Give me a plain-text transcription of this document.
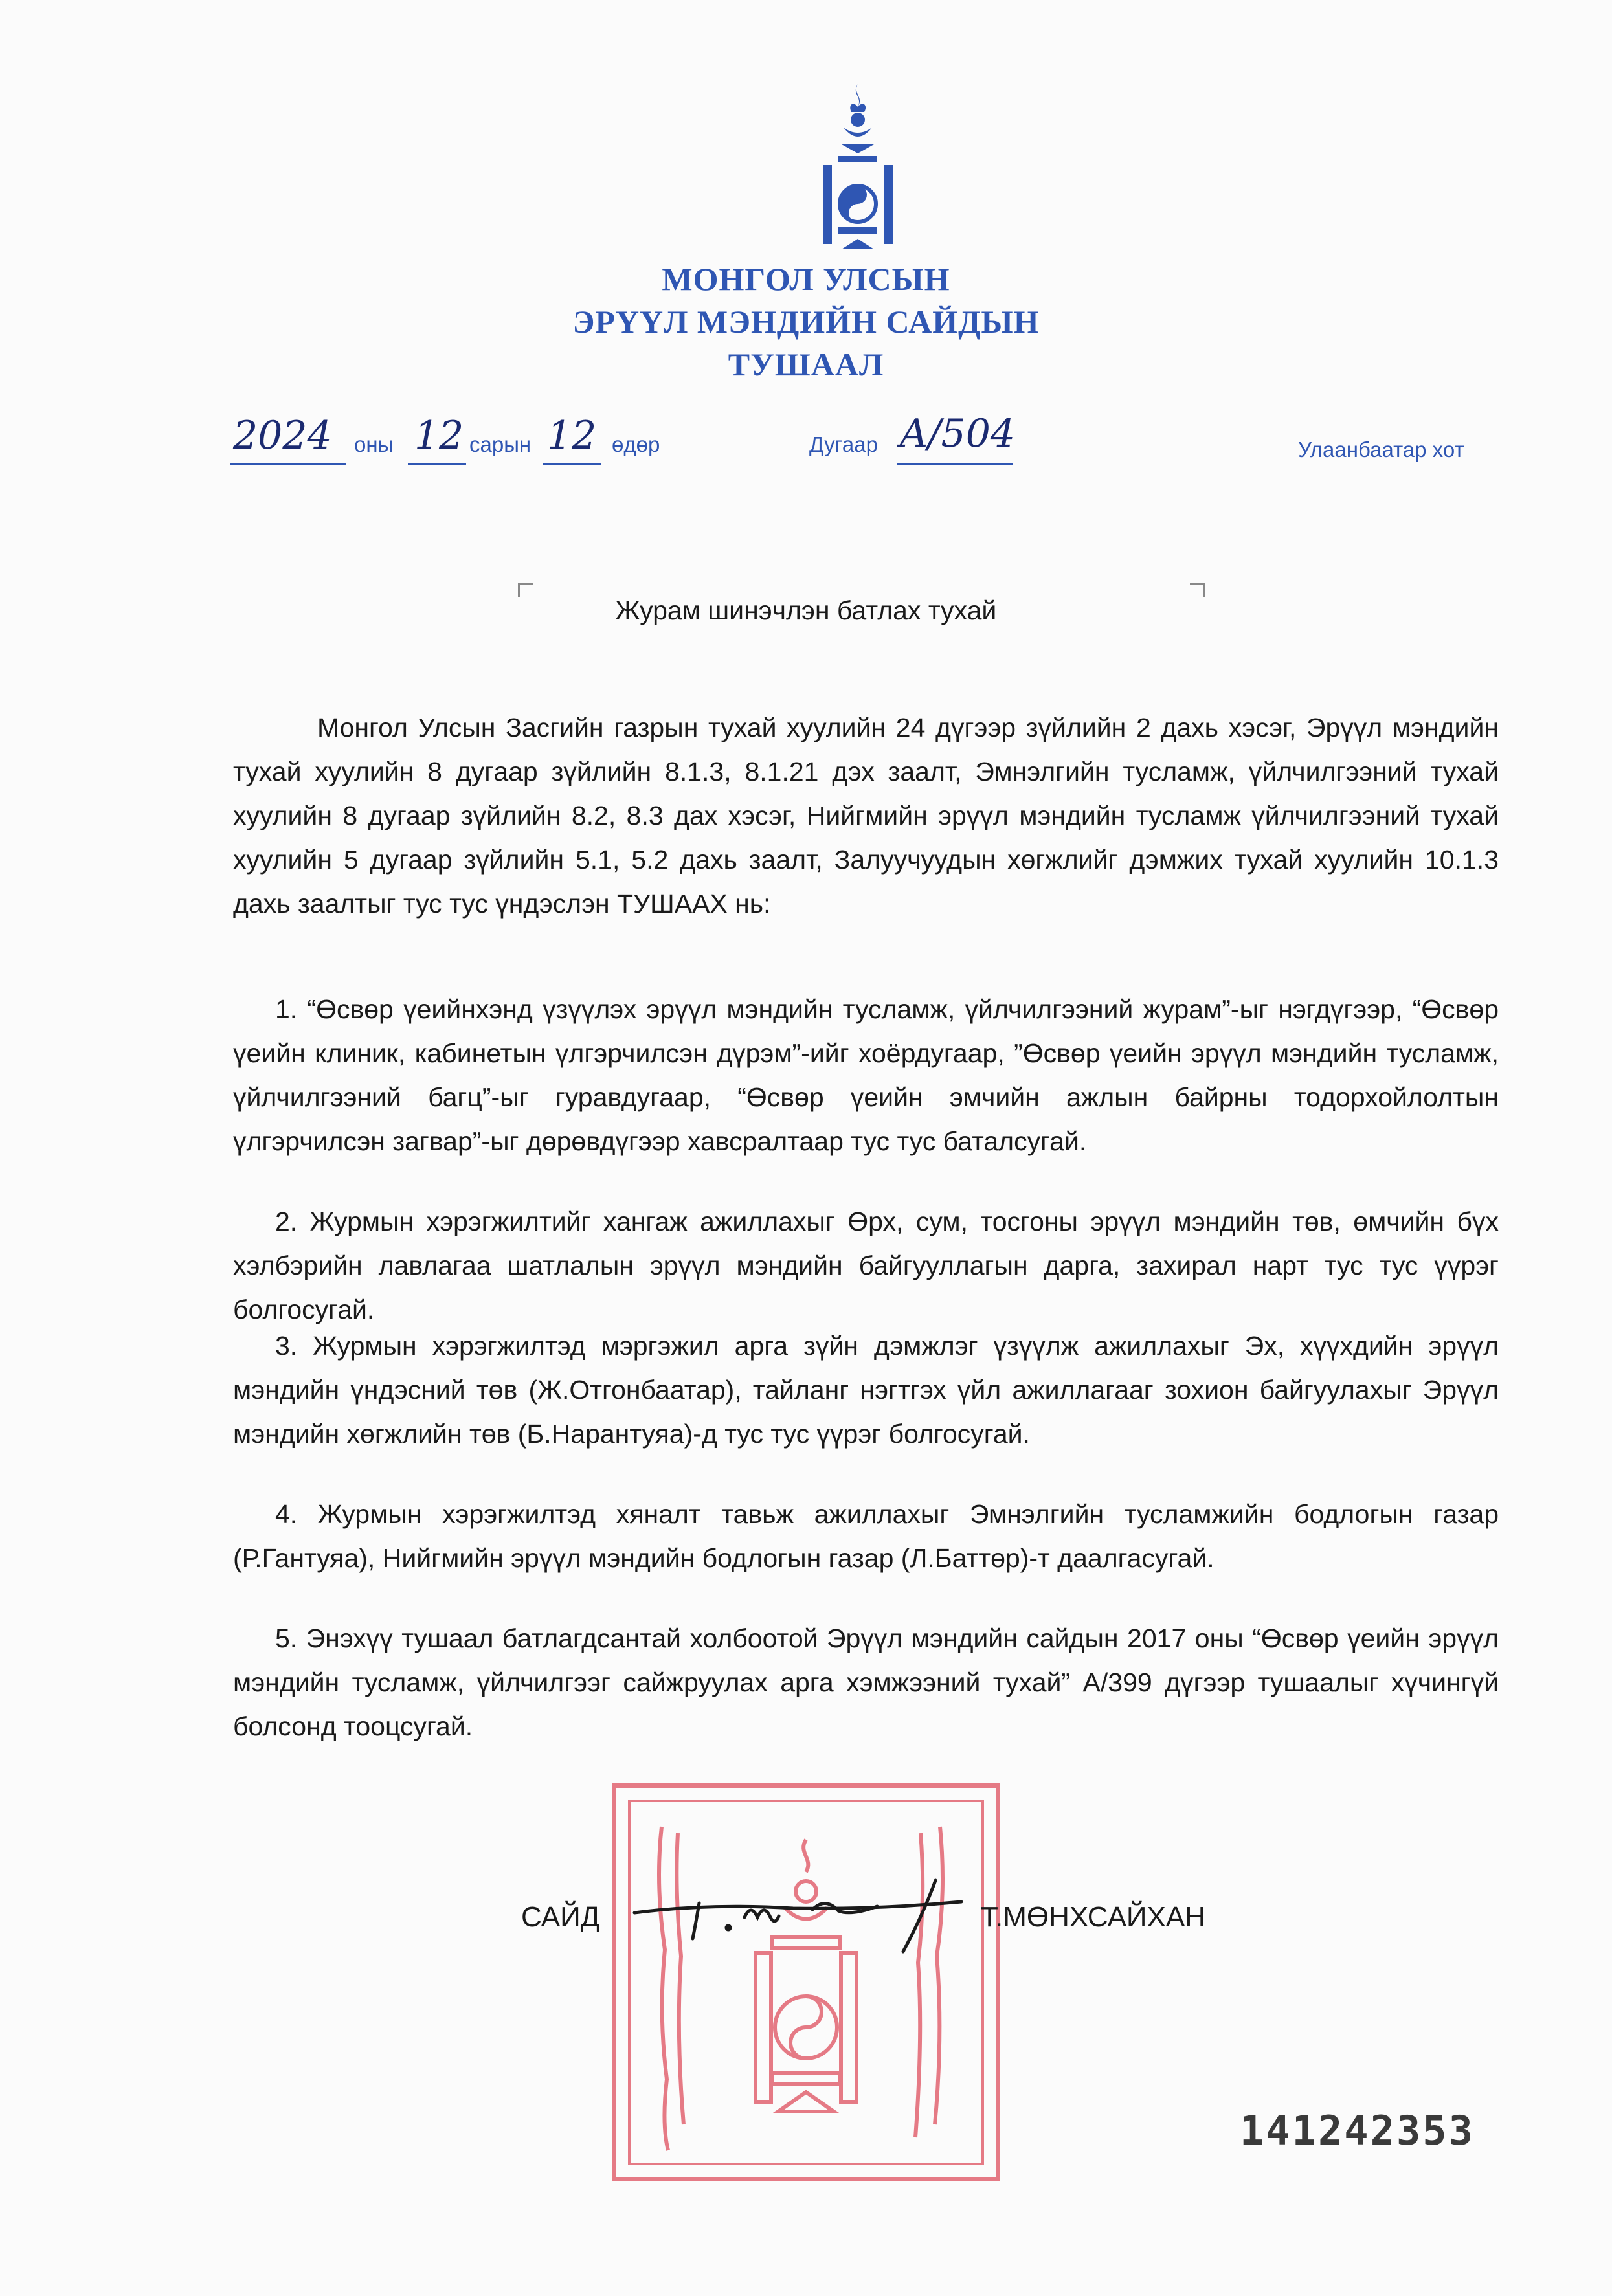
МОНГОЛ УЛСЫН
ЭРҮҮЛ МЭНДИЙН САЙДЫН
ТУШААЛ
2024 оны 12 сарын 12 өдөр	Дугаар A/504	Улаанбаатар хот
Журам шинэчлэн батлах тухай

Монгол Улсын Засгийн газрын тухай хуулийн 24 дүгээр зүйлийн 2 дахь хэсэг, Эрүүл мэндийн тухай хуулийн 8 дугаар зүйлийн 8.1.3, 8.1.21 дэх заалт, Эмнэлгийн тусламж, үйлчилгээний тухай хуулийн 8 дугаар зүйлийн 8.2, 8.3 дах хэсэг, Нийгмийн эрүүл мэндийн тусламж үйлчилгээний тухай хуулийн 5 дугаар зүйлийн 5.1, 5.2 дахь заалт, Залуучуудын хөгжлийг дэмжих тухай хуулийн 10.1.3 дахь заалтыг тус тус үндэслэн ТУШААХ нь:

1. “Өсвөр үеийнхэнд үзүүлэх эрүүл мэндийн тусламж, үйлчилгээний журам”-ыг нэгдүгээр, “Өсвөр үеийн клиник, кабинетын үлгэрчилсэн дүрэм”-ийг хоёрдугаар, ”Өсвөр үеийн эрүүл мэндийн тусламж, үйлчилгээний багц”-ыг гуравдугаар, “Өсвөр үеийн эмчийн ажлын байрны тодорхойлолтын үлгэрчилсэн загвар”-ыг дөрөвдүгээр хавсралтаар тус тус баталсугай.

2. Журмын хэрэгжилтийг хангаж ажиллахыг Өрх, сум, тосгоны эрүүл мэндийн төв, өмчийн бүх хэлбэрийн лавлагаа шатлалын эрүүл мэндийн байгууллагын дарга, захирал нарт тус тус үүрэг болгосугай.

3. Журмын хэрэгжилтэд мэргэжил арга зүйн дэмжлэг үзүүлж ажиллахыг Эх, хүүхдийн эрүүл мэндийн үндэсний төв (Ж.Отгонбаатар), тайланг нэгтгэх үйл ажиллагааг зохион байгуулахыг Эрүүл мэндийн хөгжлийн төв (Б.Нарантуяа)-д тус тус үүрэг болгосугай.

4. Журмын хэрэгжилтэд хяналт тавьж ажиллахыг Эмнэлгийн тусламжийн бодлогын газар (Р.Гантуяа), Нийгмийн эрүүл мэндийн бодлогын газар (Л.Баттөр)-т даалгасугай.

5. Энэхүү тушаал батлагдсантай холбоотой Эрүүл мэндийн сайдын 2017 оны “Өсвөр үеийн эрүүл мэндийн тусламж, үйлчилгээг сайжруулах арга хэмжээний тухай” А/399 дүгээр тушаалыг хүчингүй болсонд тооцсугай.

САЙД	Т.МӨНХСАЙХАН
141242353
